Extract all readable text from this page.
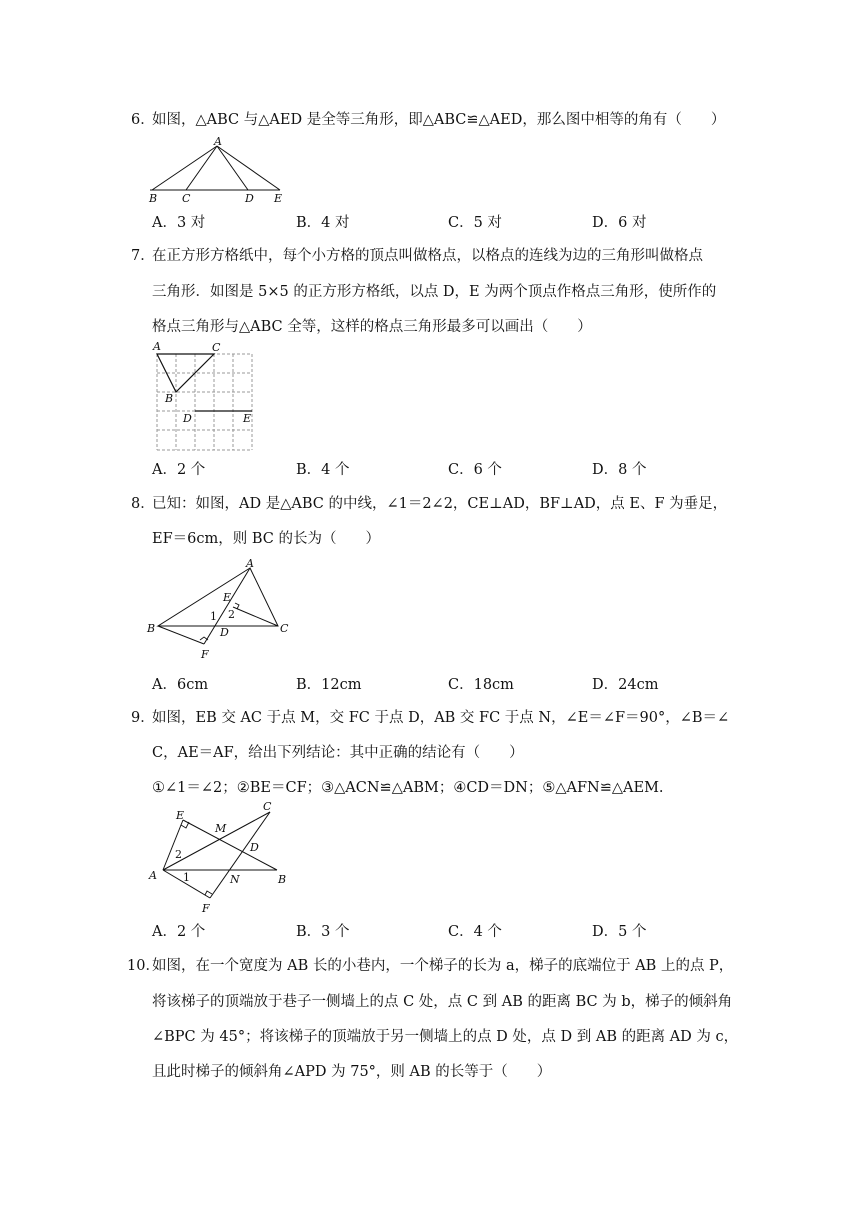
6．
如图，△ABC 与△AED 是全等三角形，即△ABC≌△AED，那么图中相等的角有（　　）
A
B C	D E
A．3 对	B．4 对	C．5 对	D．6 对
7．
在正方形方格纸中，每个小方格的顶点叫做格点，以格点的连线为边的三角形叫做格点
三角形．如图是 5×5 的正方形方格纸，以点 D，E 为两个顶点作格点三角形，使所作的
格点三角形与△ABC 全等，这样的格点三角形最多可以画出（　　）
A	C
B
D	E
A．2 个	B．4 个	C．6 个	D．8 个
8．
已知：如图，AD 是△ABC 的中线，∠1＝2∠2，CE⊥AD，BF⊥AD，点 E、F 为垂足，
EF＝6cm，则 BC 的长为（　　）
A
B	C
D
E
F
1 2
A．6cm	B．12cm	C．18cm	D．24cm
9．
如图，EB 交 AC 于点 M，交 FC 于点 D，AB 交 FC 于点 N，∠E＝∠F＝90°，∠B＝∠
C，AE＝AF，给出下列结论：其中正确的结论有（　　）
①∠1＝∠2；②BE＝CF；③△ACN≌△ABM；④CD＝DN；⑤△AFN≌△AEM.
E
C
M
D
A	N	B
F
1
2
A．2 个	B．3 个	C．4 个	D．5 个
10．
如图，在一个宽度为 AB 长的小巷内，一个梯子的长为 a，梯子的底端位于 AB 上的点 P，
将该梯子的顶端放于巷子一侧墙上的点 C 处，点 C 到 AB 的距离 BC 为 b，梯子的倾斜角
∠BPC 为 45°；将该梯子的顶端放于另一侧墙上的点 D 处，点 D 到 AB 的距离 AD 为 c，
且此时梯子的倾斜角∠APD 为 75°，则 AB 的长等于（　　）
